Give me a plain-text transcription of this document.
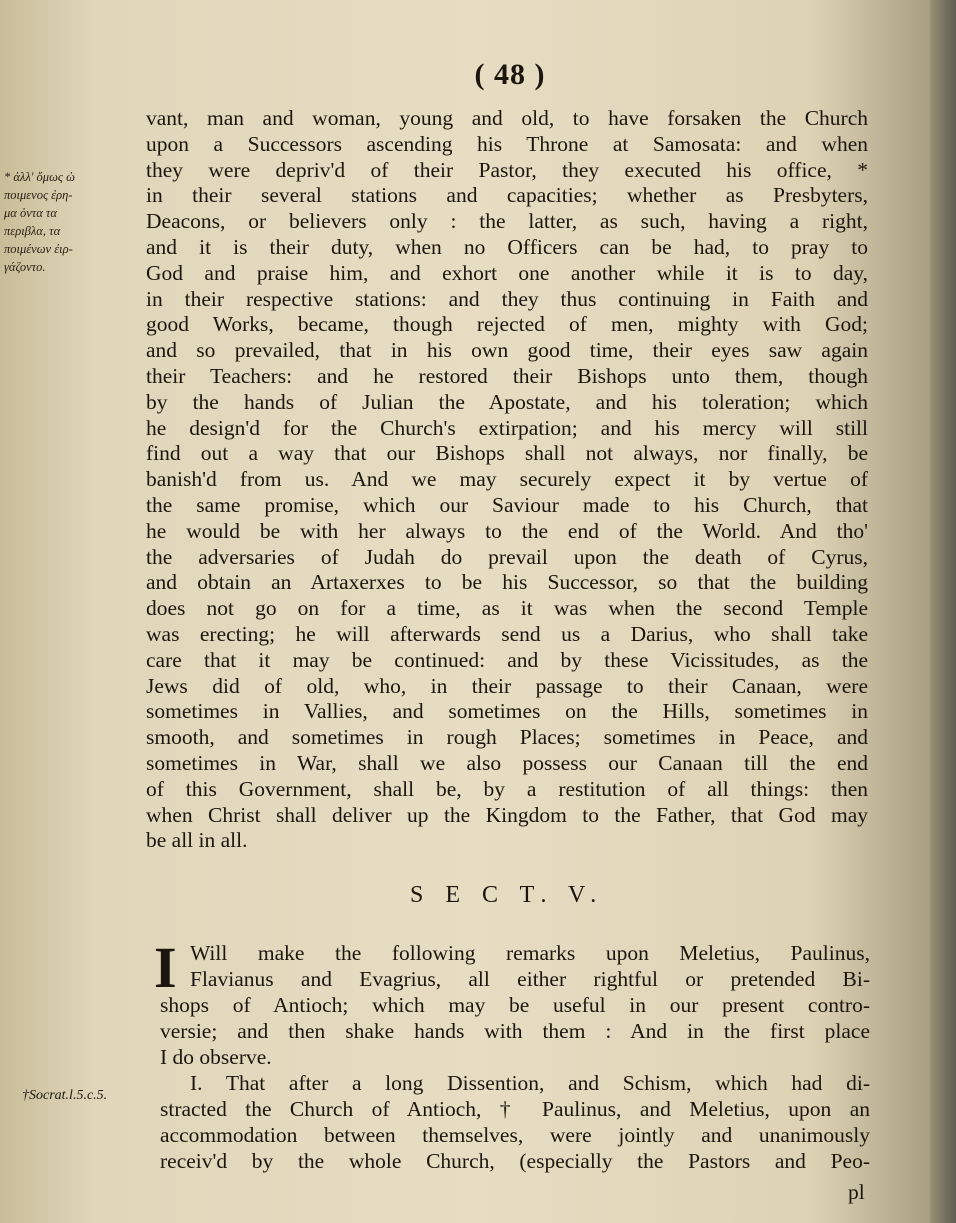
( 48 )
* ἀλλ' ὅμως ὡ
ποιμενος ἐρη-
μα ὀντα τα
περιβλα, τα
ποιμένων ἐιρ-
γάζοντο.
vant, man and woman, young and old, to have forsaken the Church
upon a Successors ascending his Throne at Samosata: and when
they were depriv'd of their Pastor, they executed his office, *
in their several stations and capacities; whether as Presbyters,
Deacons, or believers only : the latter, as such, having a right,
and it is their duty, when no Officers can be had, to pray to
God and praise him, and exhort one another while it is to day,
in their respective stations: and they thus continuing in Faith and
good Works, became, though rejected of men, mighty with God;
and so prevailed, that in his own good time, their eyes saw again
their Teachers: and he restored their Bishops unto them, though
by the hands of Julian the Apostate, and his toleration; which
he design'd for the Church's extirpation; and his mercy will still
find out a way that our Bishops shall not always, nor finally, be
banish'd from us. And we may securely expect it by vertue of
the same promise, which our Saviour made to his Church, that
he would be with her always to the end of the World. And tho'
the adversaries of Judah do prevail upon the death of Cyrus,
and obtain an Artaxerxes to be his Successor, so that the building
does not go on for a time, as it was when the second Temple
was erecting; he will afterwards send us a Darius, who shall take
care that it may be continued: and by these Vicissitudes, as the
Jews did of old, who, in their passage to their Canaan, were
sometimes in Vallies, and sometimes on the Hills, sometimes in
smooth, and sometimes in rough Places; sometimes in Peace, and
sometimes in War, shall we also possess our Canaan till the end
of this Government, shall be, by a restitution of all things: then
when Christ shall deliver up the Kingdom to the Father, that God may
be all in all.
S E C T. V.
I Will make the following remarks upon Meletius, Paulinus,
Flavianus and Evagrius, all either rightful or pretended Bi-
shops of Antioch; which may be useful in our present contro-
versie; and then shake hands with them : And in the first place
I do observe.
I. That after a long Dissention, and Schism, which had di-
stracted the Church of Antioch, † Paulinus, and Meletius, upon an
accommodation between themselves, were jointly and unanimously
receiv'd by the whole Church, (especially the Pastors and Peo-
†Socrat.l.5.c.5.
pl
